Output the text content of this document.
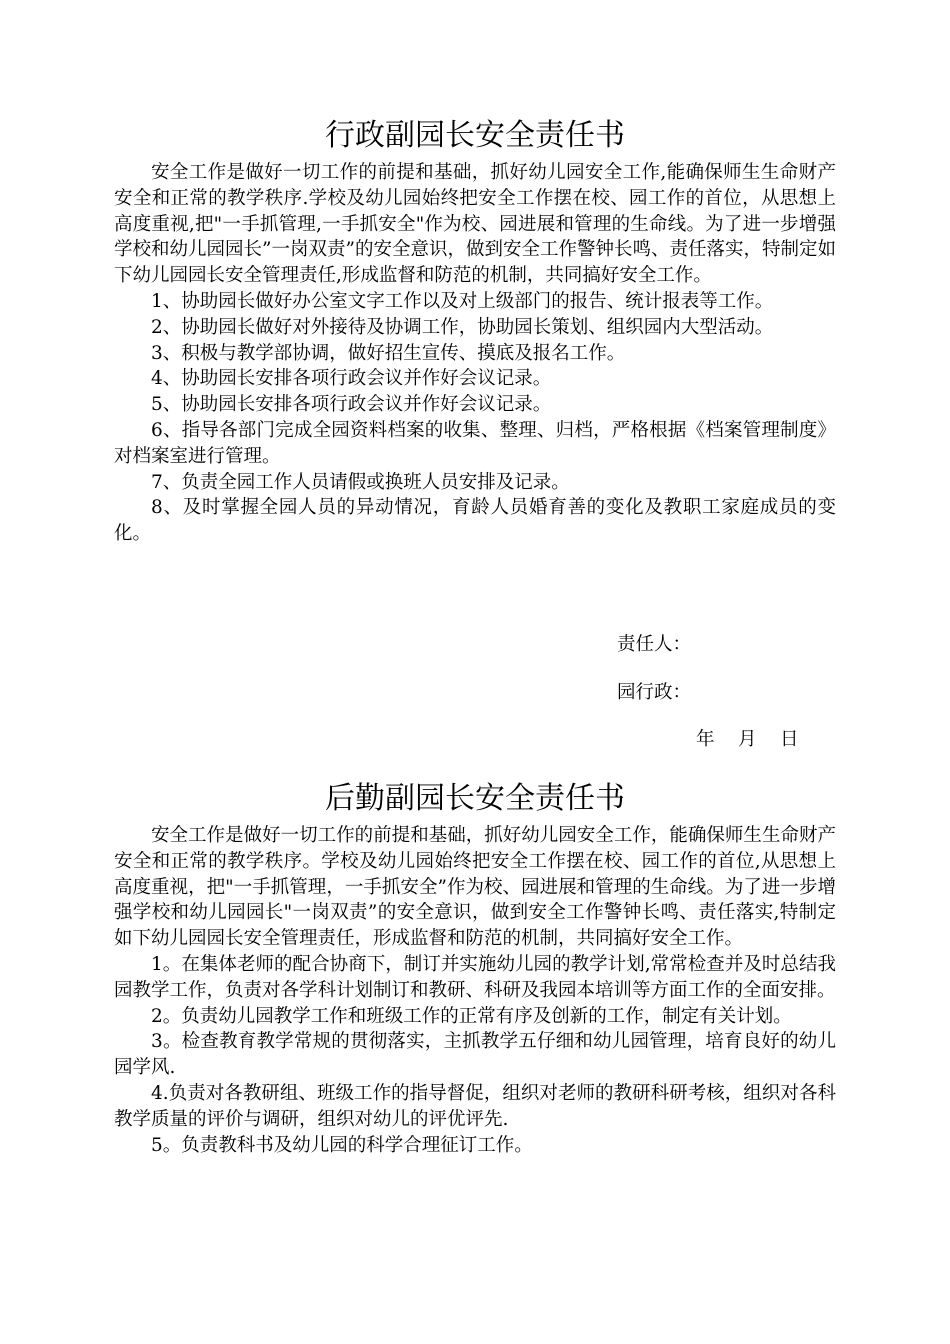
行政副园长安全责任书

安全工作是做好一切工作的前提和基础，抓好幼儿园安全工作,能确保师生生命财产安全和正常的教学秩序.学校及幼儿园始终把安全工作摆在校、园工作的首位，从思想上高度重视,把"一手抓管理,一手抓安全"作为校、园进展和管理的生命线。为了进一步增强学校和幼儿园园长”一岗双责”的安全意识，做到安全工作警钟长鸣、责任落实，特制定如下幼儿园园长安全管理责任,形成监督和防范的机制，共同搞好安全工作。

1、协助园长做好办公室文字工作以及对上级部门的报告、统计报表等工作。

2、协助园长做好对外接待及协调工作，协助园长策划、组织园内大型活动。

3、积极与教学部协调，做好招生宣传、摸底及报名工作。

4、协助园长安排各项行政会议并作好会议记录。

5、协助园长安排各项行政会议并作好会议记录。

6、指导各部门完成全园资料档案的收集、整理、归档，严格根据《档案管理制度》对档案室进行管理。

7、负责全园工作人员请假或换班人员安排及记录。

8、及时掌握全园人员的异动情况，育龄人员婚育善的变化及教职工家庭成员的变化。

责任人：
园行政：
年    月    日
后勤副园长安全责任书

安全工作是做好一切工作的前提和基础，抓好幼儿园安全工作，能确保师生生命财产安全和正常的教学秩序。学校及幼儿园始终把安全工作摆在校、园工作的首位,从思想上高度重视，把"一手抓管理，一手抓安全”作为校、园进展和管理的生命线。为了进一步增强学校和幼儿园园长"一岗双责”的安全意识，做到安全工作警钟长鸣、责任落实,特制定如下幼儿园园长安全管理责任，形成监督和防范的机制，共同搞好安全工作。

1。在集体老师的配合协商下，制订并实施幼儿园的教学计划,常常检查并及时总结我园教学工作，负责对各学科计划制订和教研、科研及我园本培训等方面工作的全面安排。

2。负责幼儿园教学工作和班级工作的正常有序及创新的工作，制定有关计划。

3。检查教育教学常规的贯彻落实，主抓教学五仔细和幼儿园管理，培育良好的幼儿园学风.

4.负责对各教研组、班级工作的指导督促，组织对老师的教研科研考核，组织对各科教学质量的评价与调研，组织对幼儿的评优评先.

5。负责教科书及幼儿园的科学合理征订工作。
